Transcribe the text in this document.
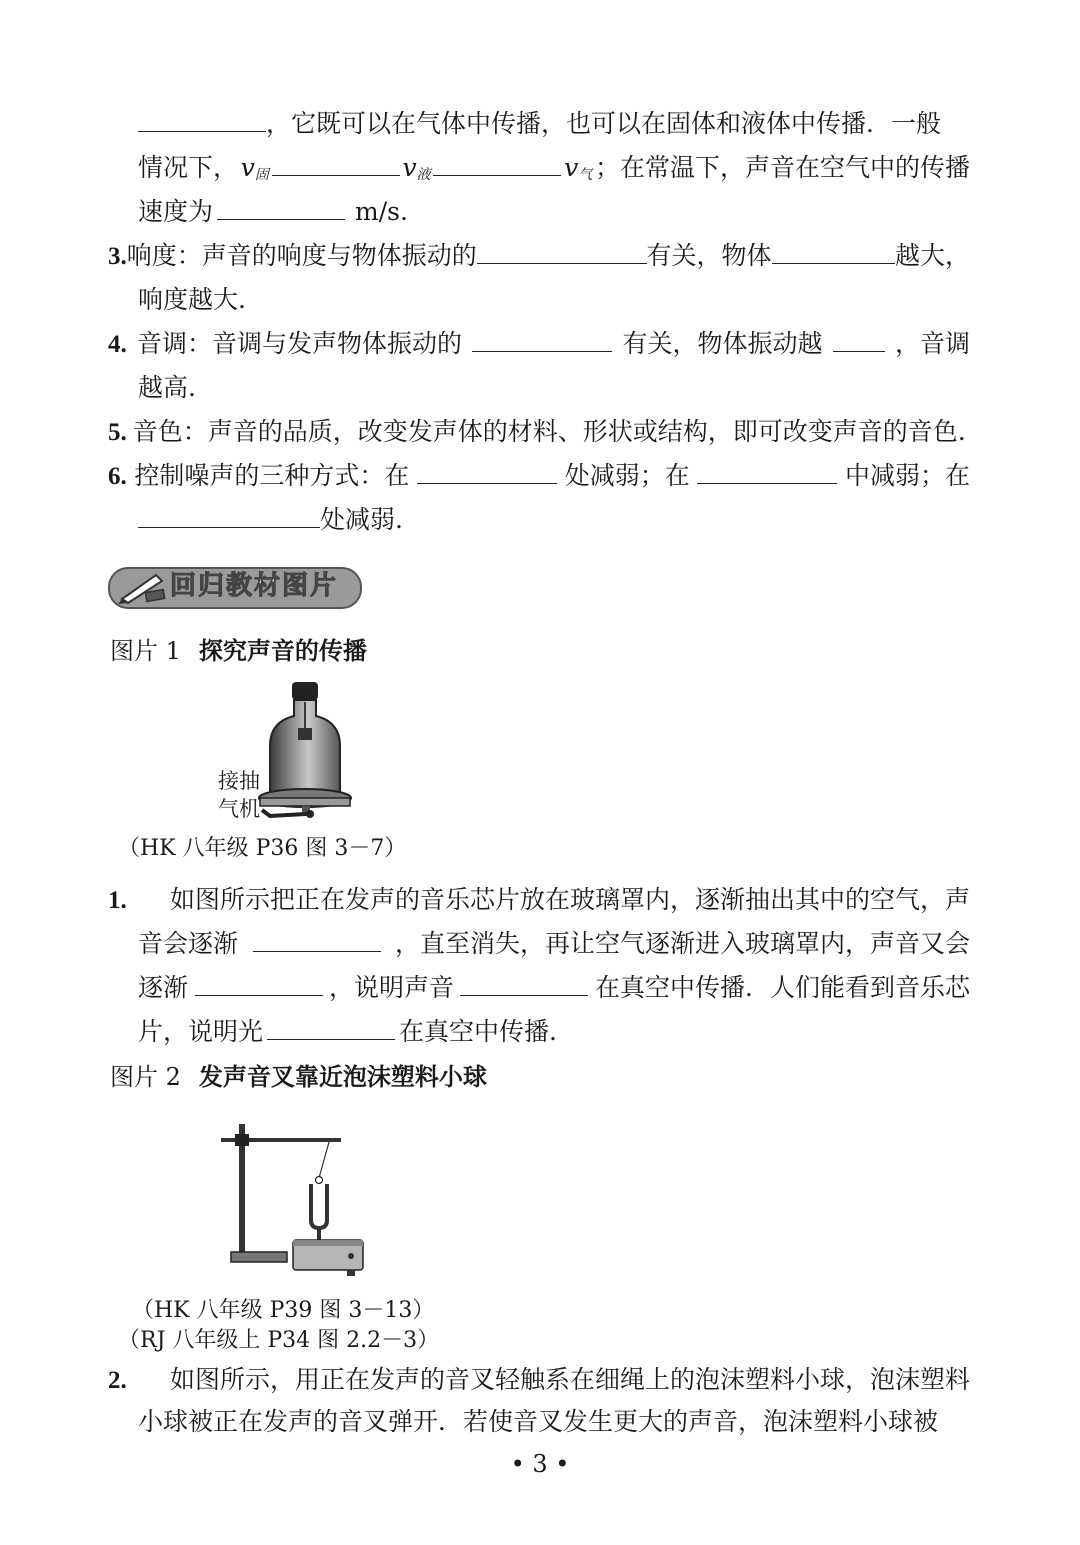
，它既可以在气体中传播，也可以在固体和液体中传播．一般
情况下， $v_固$	$v_液$	$v_气$ ；在常温下，声音在空气中的传播
速度为	m/s.
3. 响度：声音的响度与物体振动的	有关，物体	越大，
响度越大.
4. 音调：音调与发声物体振动的	有关，物体振动越	，音调
越高.
5. 音色：声音的品质，改变发声体的材料、形状或结构，即可改变声音的音色.
6. 控制噪声的三种方式：在	处减弱；在	中减弱；在
处减弱.
回归教材图片
图片 1 探究声音的传播
接抽
气机
（HK 八年级 P36 图 3－7）
1. 如图所示把正在发声的音乐芯片放在玻璃罩内，逐渐抽出其中的空气，声
音会逐渐	，直至消失，再让空气逐渐进入玻璃罩内，声音又会
逐渐	，说明声音	在真空中传播．人们能看到音乐芯
片，说明光	在真空中传播.
图片 2 发声音叉靠近泡沫塑料小球
（HK 八年级 P39 图 3－13）
（RJ 八年级上 P34 图 2.2－3）
2. 如图所示，用正在发声的音叉轻触系在细绳上的泡沫塑料小球，泡沫塑料
小球被正在发声的音叉弹开．若使音叉发生更大的声音，泡沫塑料小球被
• 3 •
